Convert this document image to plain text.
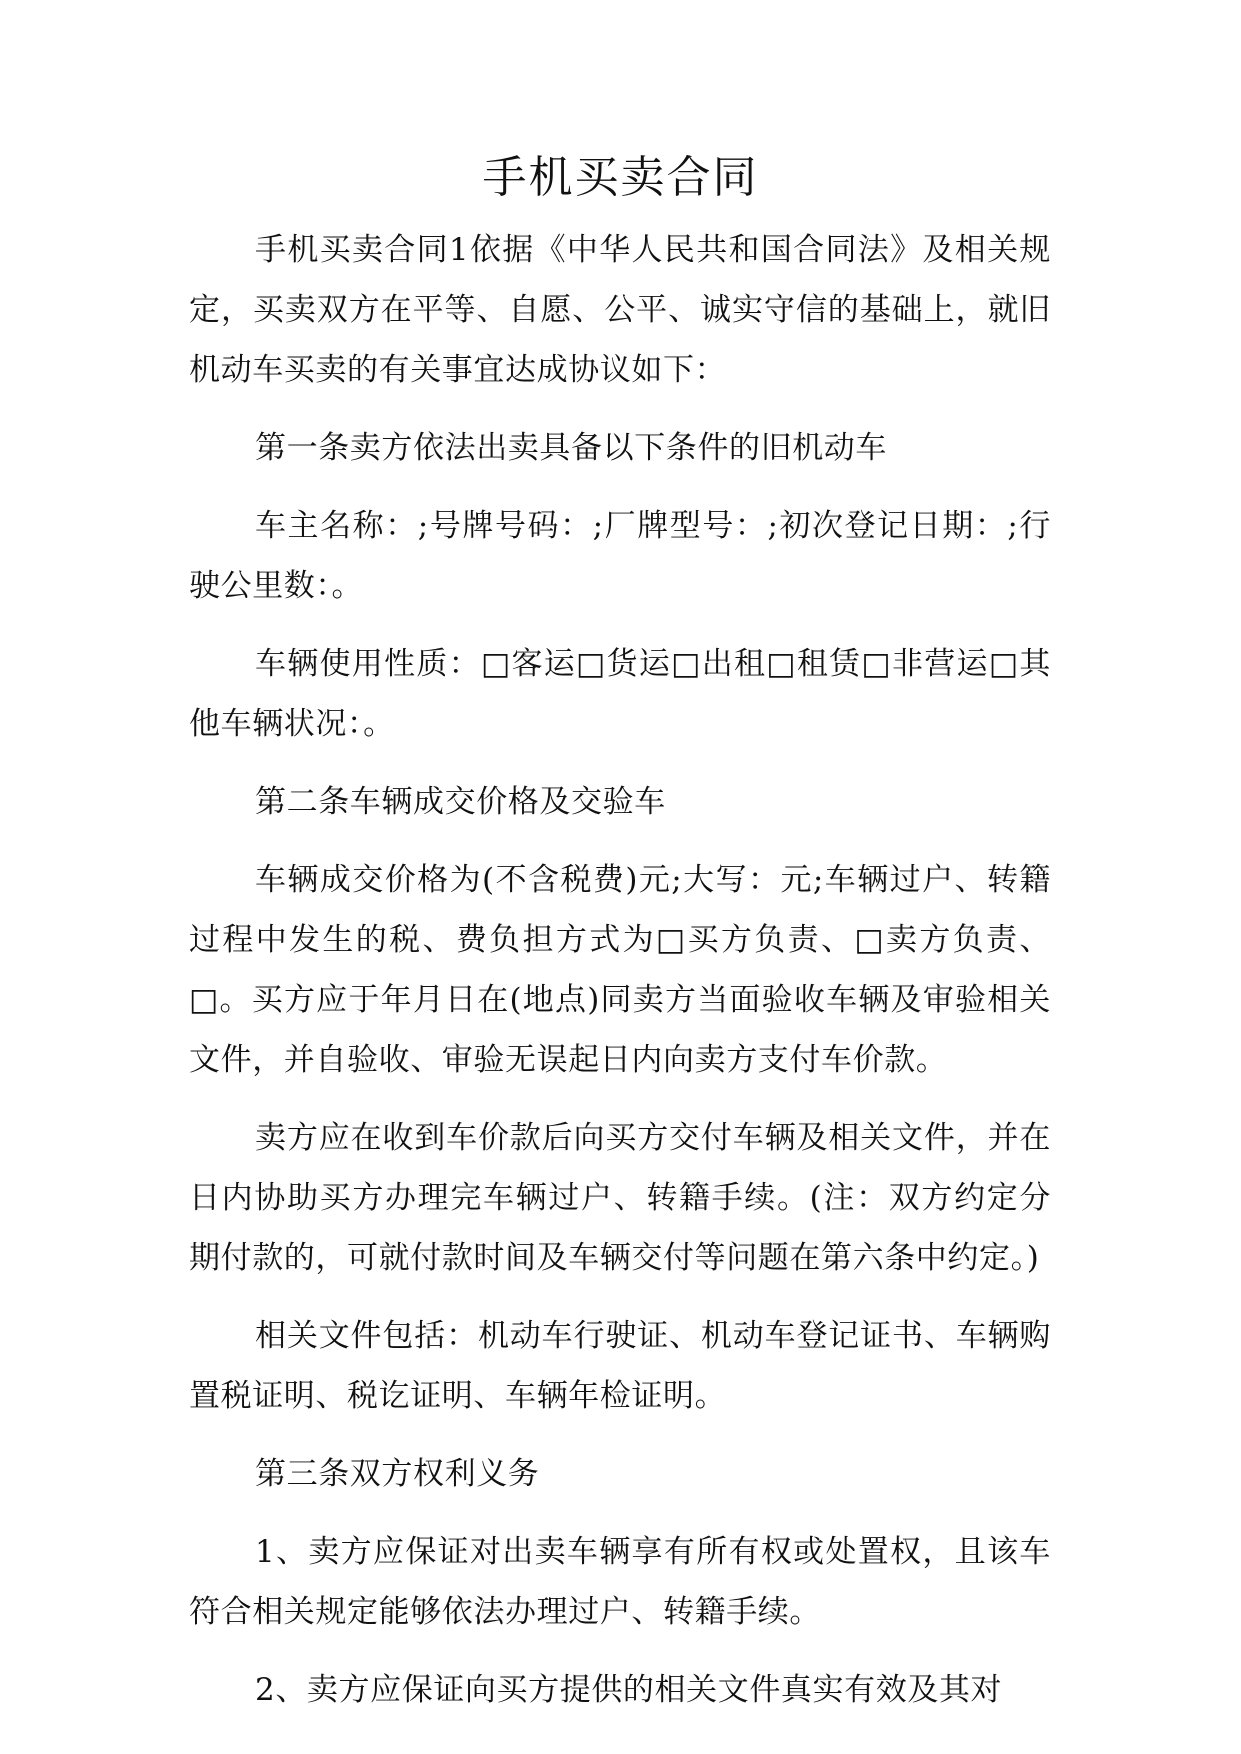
手机买卖合同

手机买卖合同1依据《中华人民共和国合同法》及相关规定，买卖双方在平等、自愿、公平、诚实守信的基础上，就旧机动车买卖的有关事宜达成协议如下：

第一条卖方依法出卖具备以下条件的旧机动车

车主名称：;号牌号码：;厂牌型号：;初次登记日期：;行驶公里数：。

车辆使用性质：□客运□货运□出租□租赁□非营运□其他车辆状况：。

第二条车辆成交价格及交验车

车辆成交价格为(不含税费)元;大写：元;车辆过户、转籍过程中发生的税、费负担方式为□买方负责、□卖方负责、□。买方应于年月日在(地点)同卖方当面验收车辆及审验相关文件，并自验收、审验无误起日内向卖方支付车价款。

卖方应在收到车价款后向买方交付车辆及相关文件，并在日内协助买方办理完车辆过户、转籍手续。(注：双方约定分期付款的，可就付款时间及车辆交付等问题在第六条中约定。)

相关文件包括：机动车行驶证、机动车登记证书、车辆购置税证明、税讫证明、车辆年检证明。

第三条双方权利义务

1、卖方应保证对出卖车辆享有所有权或处置权，且该车符合相关规定能够依法办理过户、转籍手续。

2、卖方应保证向买方提供的相关文件真实有效及其对
